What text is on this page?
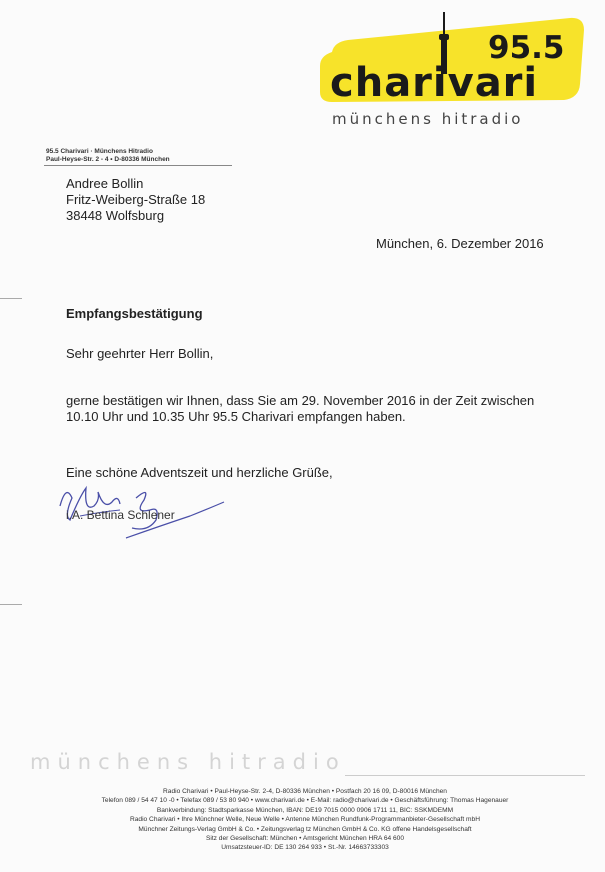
95.5
charivari
münchens hitradio
95.5 Charivari · Münchens Hitradio
Paul-Heyse-Str. 2 - 4 • D-80336 München
Andree Bollin
Fritz-Weiberg-Straße 18
38448 Wolfsburg
München, 6. Dezember 2016
Empfangsbestätigung
Sehr geehrter Herr Bollin,
gerne bestätigen wir Ihnen, dass Sie am 29. November 2016 in der Zeit zwischen
10.10 Uhr und 10.35 Uhr 95.5 Charivari empfangen haben.
Eine schöne Adventszeit und herzliche Grüße,
i.A. Bettina Schlener
münchens hitradio
Radio Charivari • Paul-Heyse-Str. 2-4, D-80336 München • Postfach 20 16 09, D-80016 München
Telefon 089 / 54 47 10 -0 • Telefax 089 / 53 80 940 • www.charivari.de • E-Mail: radio@charivari.de • Geschäftsführung: Thomas Hagenauer
Bankverbindung: Stadtsparkasse München, IBAN: DE19 7015 0000 0906 1711 11, BIC: SSKMDEMM
Radio Charivari • Ihre Münchner Welle, Neue Welle • Antenne München Rundfunk-Programmanbieter-Gesellschaft mbH
Münchner Zeitungs-Verlag GmbH & Co. • Zeitungsverlag tz München GmbH & Co. KG offene Handelsgesellschaft
Sitz der Gesellschaft: München • Amtsgericht München HRA 64 600
Umsatzsteuer-ID: DE 130 264 933 • St.-Nr. 14663733303
